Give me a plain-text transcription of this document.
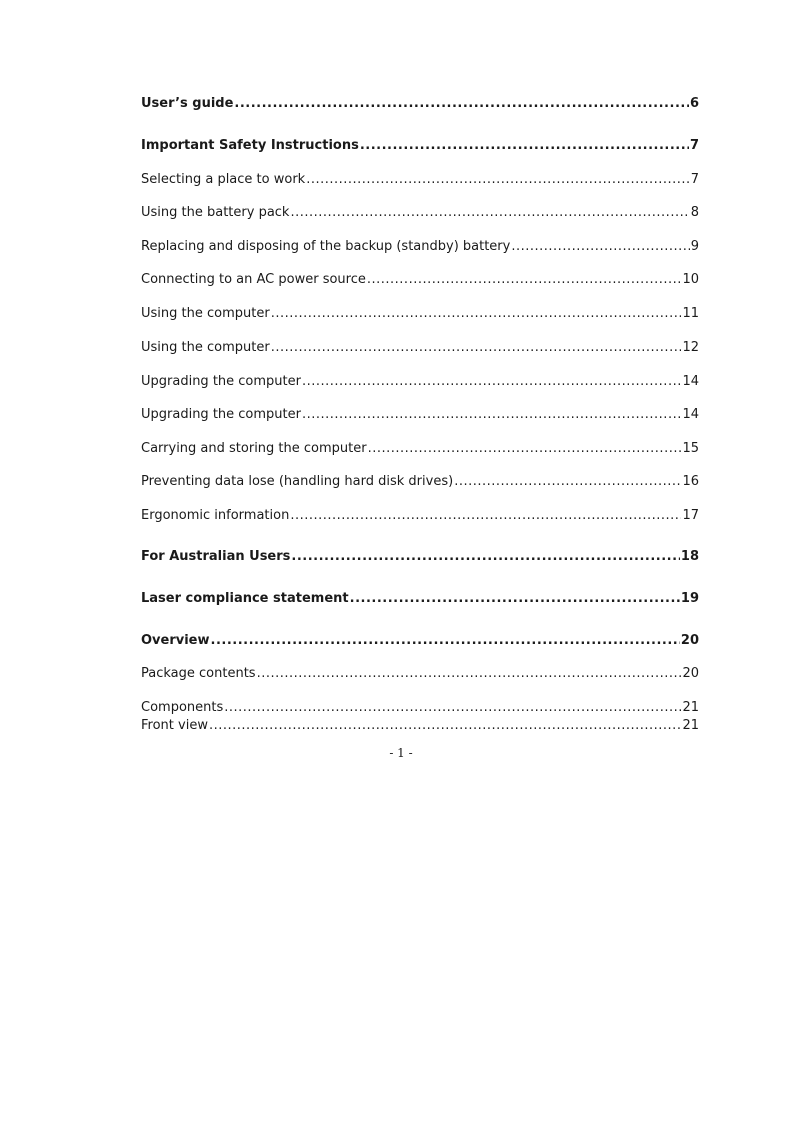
User’s guide .....	6
Important Safety Instructions .....	7
Selecting a place to work .....	7
Using the battery pack .....	8
Replacing and disposing of the backup (standby) battery .....	9
Connecting to an AC power source .....	10
Using the computer .....	11
Using the computer .....	12
Upgrading the computer .....	14
Upgrading the computer .....	14
Carrying and storing the computer .....	15
Preventing data lose (handling hard disk drives) .....	16
Ergonomic information .....	17
For Australian Users .....	18
Laser compliance statement .....	19
Overview .....	20
Package contents .....	20
Components .....	21
Front view .....	21
- 1 -
